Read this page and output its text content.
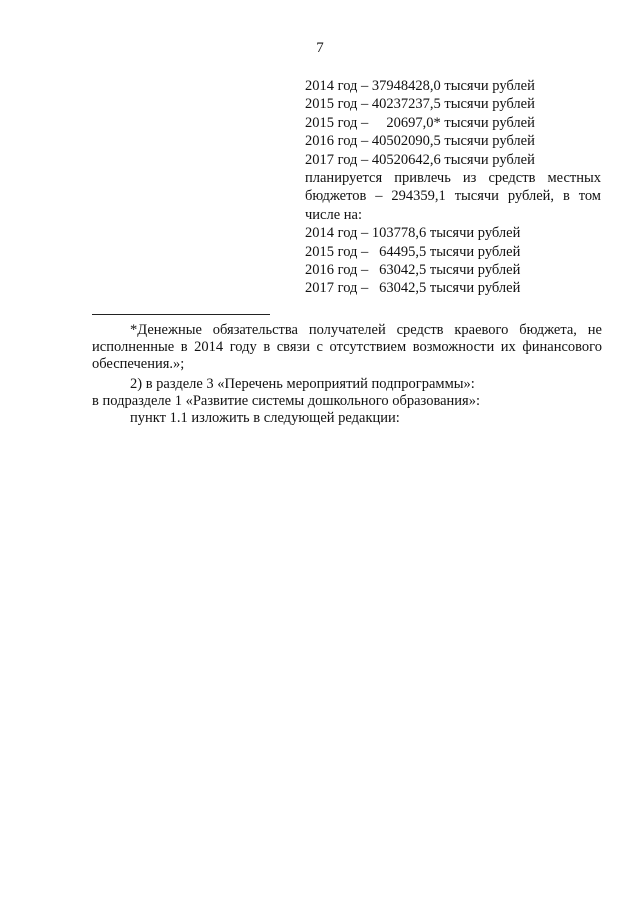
7
2014 год – 37948428,0 тысячи рублей
2015 год – 40237237,5 тысячи рублей
2015 год –     20697,0* тысячи рублей
2016 год – 40502090,5 тысячи рублей
2017 год – 40520642,6 тысячи рублей
планируется привлечь из средств местных бюджетов – 294359,1 тысячи рублей, в том числе на:
2014 год – 103778,6 тысячи рублей
2015 год –   64495,5 тысячи рублей
2016 год –   63042,5 тысячи рублей
2017 год –   63042,5 тысячи рублей

*Денежные обязательства получателей средств краевого бюджета, не исполненные в 2014 году в связи с отсутствием возможности их финансового обеспечения.»;

2) в разделе 3 «Перечень мероприятий подпрограммы»:

в подразделе 1 «Развитие системы дошкольного образования»:

пункт 1.1 изложить в следующей редакции:
